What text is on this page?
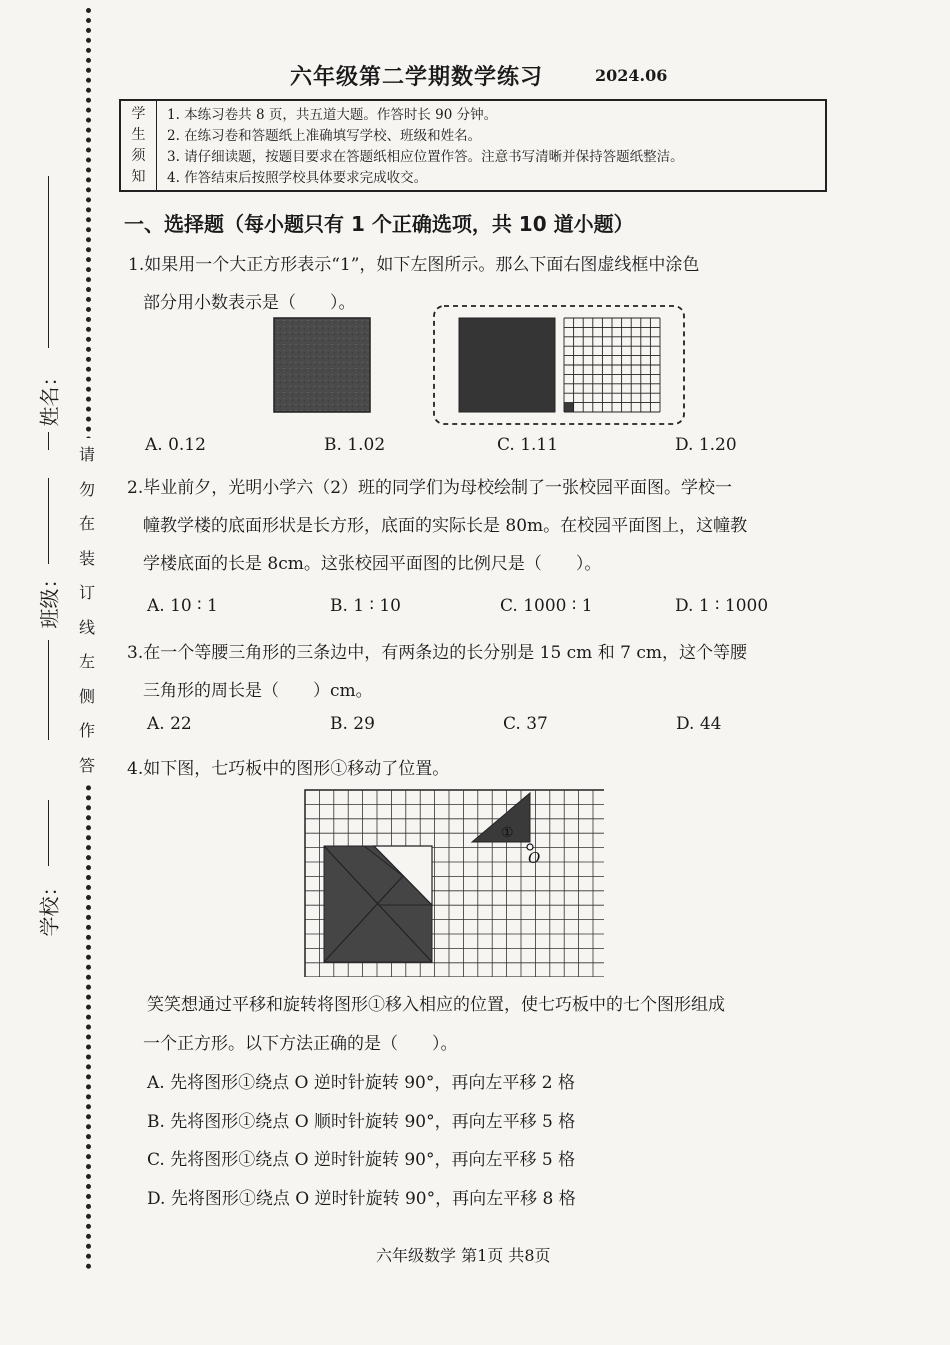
请
勿
在
装
订
线
左
侧
作
答
姓名：
班级：
学校：
六年级第二学期数学练习	2024.06
学
生
须
知
1. 本练习卷共 8 页，共五道大题。作答时长 90 分钟。
2. 在练习卷和答题纸上准确填写学校、班级和姓名。
3. 请仔细读题，按题目要求在答题纸相应位置作答。注意书写清晰并保持答题纸整洁。
4. 作答结束后按照学校具体要求完成收交。
一、选择题（每小题只有 1 个正确选项，共 10 道小题）
1.如果用一个大正方形表示“1”，如下左图所示。那么下面右图虚线框中涂色
部分用小数表示是（　　）。
A. 0.12	B. 1.02	C. 1.11	D. 1.20
2.毕业前夕，光明小学六（2）班的同学们为母校绘制了一张校园平面图。学校一
幢教学楼的底面形状是长方形，底面的实际长是 80m。在校园平面图上，这幢教
学楼底面的长是 8cm。这张校园平面图的比例尺是（　　）。
A. 10 ∶ 1	B. 1 ∶ 10	C. 1000 ∶ 1	D. 1 ∶ 1000
3.在一个等腰三角形的三条边中，有两条边的长分别是 15 cm 和 7 cm，这个等腰
三角形的周长是（　　）cm。
A. 22	B. 29	C. 37	D. 44
4.如下图，七巧板中的图形①移动了位置。
①
O
笑笑想通过平移和旋转将图形①移入相应的位置，使七巧板中的七个图形组成
一个正方形。以下方法正确的是（　　）。
A. 先将图形①绕点 O 逆时针旋转 90°，再向左平移 2 格
B. 先将图形①绕点 O 顺时针旋转 90°，再向左平移 5 格
C. 先将图形①绕点 O 逆时针旋转 90°，再向左平移 5 格
D. 先将图形①绕点 O 逆时针旋转 90°，再向左平移 8 格
六年级数学 第1页 共8页
